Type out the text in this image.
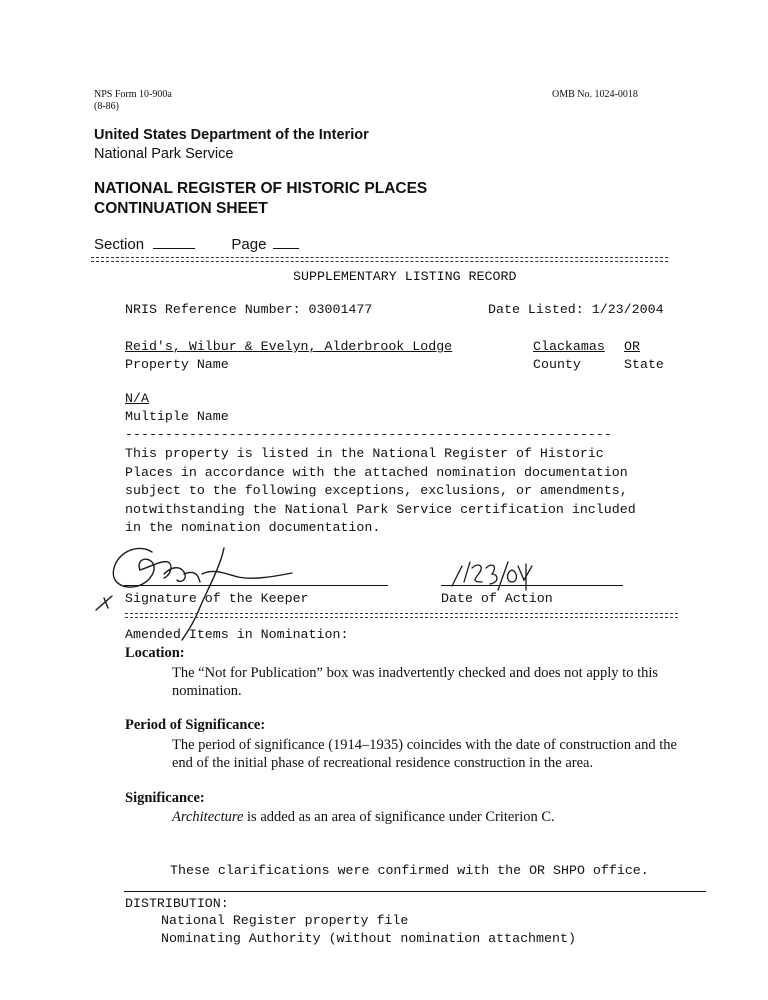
NPS Form 10-900a
(8-86)
OMB No. 1024-0018
United States Department of the Interior
National Park Service
NATIONAL REGISTER OF HISTORIC PLACES
CONTINUATION SHEET
Section	Page
SUPPLEMENTARY LISTING RECORD
NRIS Reference Number: 03001477	Date Listed: 1/23/2004
Reid's, Wilbur & Evelyn, Alderbrook Lodge	Clackamas OR
Property Name	County	State
N/A
Multiple Name
-------------------------------------------------------------
This property is listed in the National Register of Historic
Places in accordance with the attached nomination documentation
subject to the following exceptions, exclusions, or amendments,
notwithstanding the National Park Service certification included
in the nomination documentation.
Signature of the Keeper	Date of Action
Amended Items in Nomination:
Location:
The “Not for Publication” box was inadvertently checked and does not apply to this
nomination.
Period of Significance:
The period of significance (1914–1935) coincides with the date of construction and the
end of the initial phase of recreational residence construction in the area.
Significance:
Architecture is added as an area of significance under Criterion C.
These clarifications were confirmed with the OR SHPO office.
DISTRIBUTION:
National Register property file
Nominating Authority (without nomination attachment)
